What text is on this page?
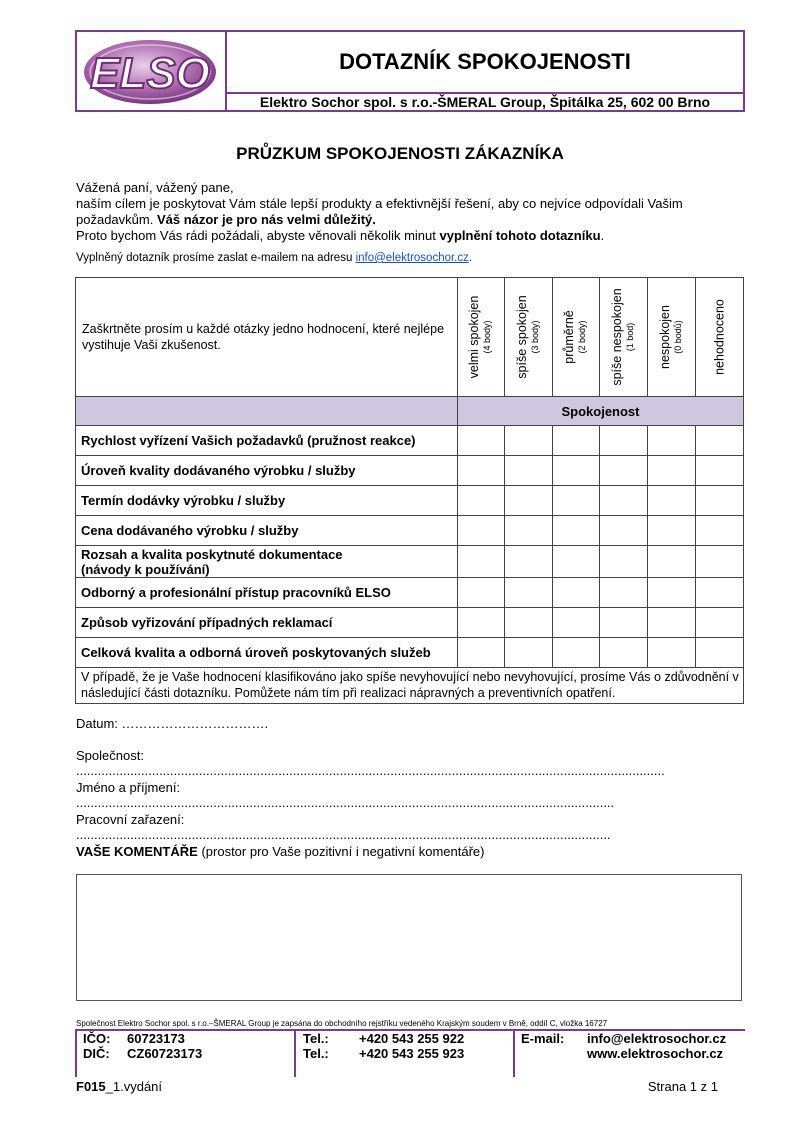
ELSO	DOTAZNÍK SPOKOJENOSTI
Elektro Sochor spol. s r.o.-ŠMERAL Group, Špitálka 25, 602 00 Brno
PRŮZKUM SPOKOJENOSTI ZÁKAZNÍKA
Vážená paní, vážený pane,
naším cílem je poskytovat Vám stále lepší produkty a efektivnější řešení, aby co nejvíce odpovídali Vašim
požadavkům. Váš názor je pro nás velmi důležitý.
Proto bychom Vás rádi požádali, abyste věnovali několik minut vyplnění tohoto dotazníku.
Vyplněný dotazník prosíme zaslat e-mailem na adresu info@elektrosochor.cz.
Zaškrtněte prosím u každé otázky jedno hodnocení, které nejlépe vystihuje Vaši zkušenost.	velmi spokojen (4 body)	spíše spokojen (3 body)	průměrně (2 body)	spíše nespokojen (1 bod)	nespokojen (0 bodů)	nehodnoceno

	Spokojenost					
Rychlost vyřízení Vašich požadavků (pružnost reakce)						
Úroveň kvality dodávaného výrobku / služby						
Termín dodávky výrobku / služby						
Cena dodávaného výrobku / služby						

Rozsah a kvalita poskytnuté dokumentace
(návody k používání)						

Odborný a profesionální přístup pracovníků ELSO						
Způsob vyřizování případných reklamací						
Celková kvalita a odborná úroveň poskytovaných služeb						
V případě, že je Vaše hodnocení klasifikováno jako spíše nevyhovující nebo nevyhovující, prosíme Vás o zdůvodnění v následující části dotazníku. Pomůžete nám tím při realizaci nápravných a preventivních opatření.						
Datum: …………………………….
Společnost: ...................................................................................................................................................................
Jméno a příjmení: .....................................................................................................................................................
Pracovní zařazení: ....................................................................................................................................................
VAŠE KOMENTÁŘE (prostor pro Vaše pozitivní i negativní komentáře)
Společnost Elektro Sochor spol. s r.o.–ŠMERAL Group je zapsána do obchodního rejstříku vedeného Krajským soudem v Brně, oddíl C, vložka 16727
IČO: 60723173
DIČ: CZ60723173
Tel.: +420 543 255 922
Tel.: +420 543 255 923
E-mail: info@elektrosochor.cz
www.elektrosochor.cz
F015_1.vydání	Strana 1 z 1
